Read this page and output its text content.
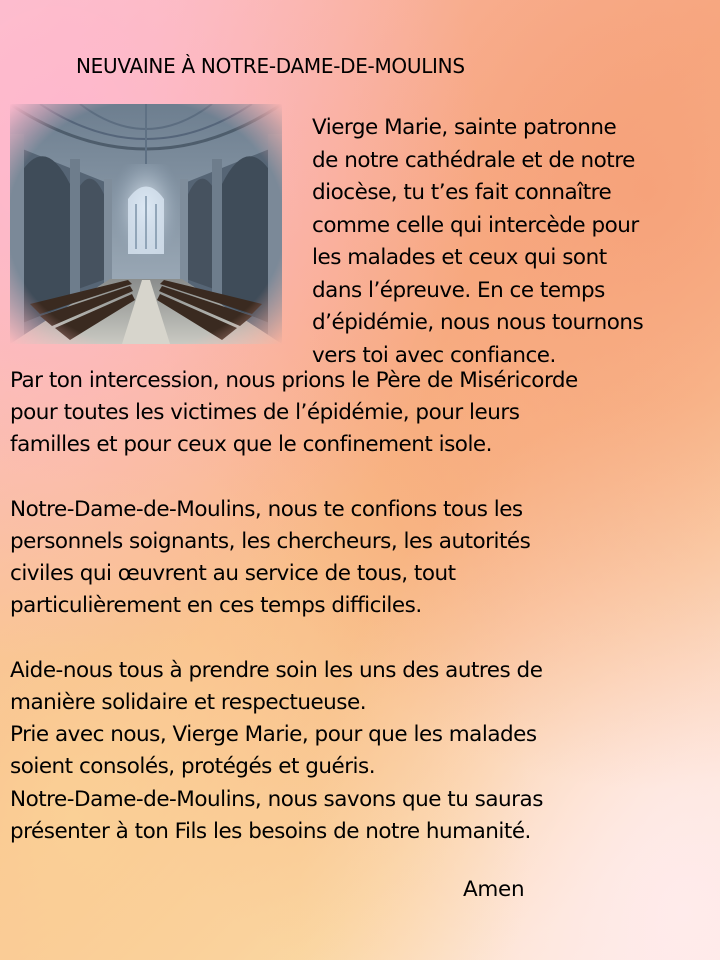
NEUVAINE À NOTRE-DAME-DE-MOULINS
Vierge Marie, sainte patronne
de notre cathédrale et de notre
diocèse, tu t’es fait connaître
comme celle qui intercède pour
les malades et ceux qui sont
dans l’épreuve. En ce temps
d’épidémie, nous nous tournons
vers toi avec confiance.
Par ton intercession, nous prions le Père de Miséricorde
pour toutes les victimes de l’épidémie, pour leurs
familles et pour ceux que le confinement isole.
Notre-Dame-de-Moulins, nous te confions tous les
personnels soignants, les chercheurs, les autorités
civiles qui œuvrent au service de tous, tout
particulièrement en ces temps difficiles.
Aide-nous tous à prendre soin les uns des autres de
manière solidaire et respectueuse.
Prie avec nous, Vierge Marie, pour que les malades
soient consolés, protégés et guéris.
Notre-Dame-de-Moulins, nous savons que tu sauras
présenter à ton Fils les besoins de notre humanité.
Amen
